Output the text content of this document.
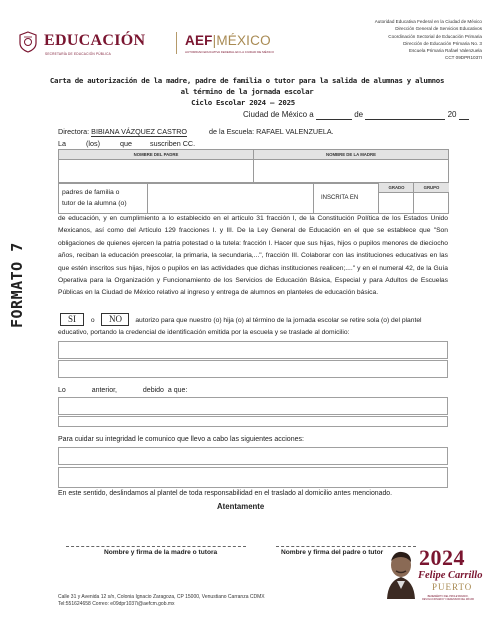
EDUCACIÓN
SECRETARÍA DE EDUCACIÓN PÚBLICA
AEF|MÉXICO
AUTORIDAD EDUCATIVA FEDERAL EN LA CIUDAD DE MÉXICO
Autoridad Educativa Federal en la Ciudad de México
Dirección General de Servicios Educativos
Coordinación Sectorial de Educación Primaria
Dirección de Educación Primaria No. 3
Escuela Primaria Rafael Valenzuela
CCT 09DPR1037I
Carta de autorización de la madre, padre de familia o tutor para la salida de alumnas y alumnos
al término de la jornada escolar
Ciclo Escolar 2024 – 2025
Ciudad de México a	de	20
Directora: BIBIANA VÁZQUEZ CASTRO	de la Escuela: RAFAEL VALENZUELA.
La	(los)	que	suscriben CC.
NOMBRE DEL PADRE	NOMBRE DE LA MADRE
padres de familia o
tutor de la alumna (o)
INSCRITA EN
GRADO	GRUPO
FORMATO 7
de educación, y en cumplimiento a lo establecido en el artículo 31 fracción I, de la Constitución Política de los Estados Unido Mexicanos, así como del Artículo 129 fracciones I. y III. De la Ley General de Educación en el que se establece que "Son obligaciones de quienes ejercen la patria potestad o la tutela: fracción I. Hacer que sus hijas, hijos o pupilos menores de dieciocho años, reciban la educación preescolar, la primaria, la secundaria,...", fracción III. Colaborar con las instituciones educativas en las que estén inscritos sus hijas, hijos o pupilos en las actividades que dichas instituciones realicen;...." y en el numeral 42, de la Guía Operativa para la Organización y Funcionamiento de los Servicios de Educación Básica, Especial y para Adultos de Escuelas Públicas en la Ciudad de México relativo al ingreso y entrega de alumnos en planteles de educación básica.
SI o NO autorizo para que nuestro (o) hija (o) al término de la jornada escolar se retire sola (o) del plantel
educativo, portando la credencial de identificación emitida por la escuela y se traslade al domicilio:
Lo	anterior,	debido a que:
Para cuidar su integridad le comunico que llevo a cabo las siguientes acciones:
En este sentido, deslindamos al plantel de toda responsabilidad en el traslado al domicilio antes mencionado.
Atentamente
Nombre y firma de la madre o tutora	Nombre y firma del padre o tutor
Calle 31 y Avenida 12 s/n, Colonia Ignacio Zaragoza, CP 15000, Venustiano Carranza CDMX
Tel:551624658 Correo: e09dpr1037i@aefcm.gob.mx
2024
Felipe Carrillo
PUERTO
BENEMÉRITO DEL PROLETARIADO, REVOLUCIONARIO Y DEFENSOR DEL MAYAB
